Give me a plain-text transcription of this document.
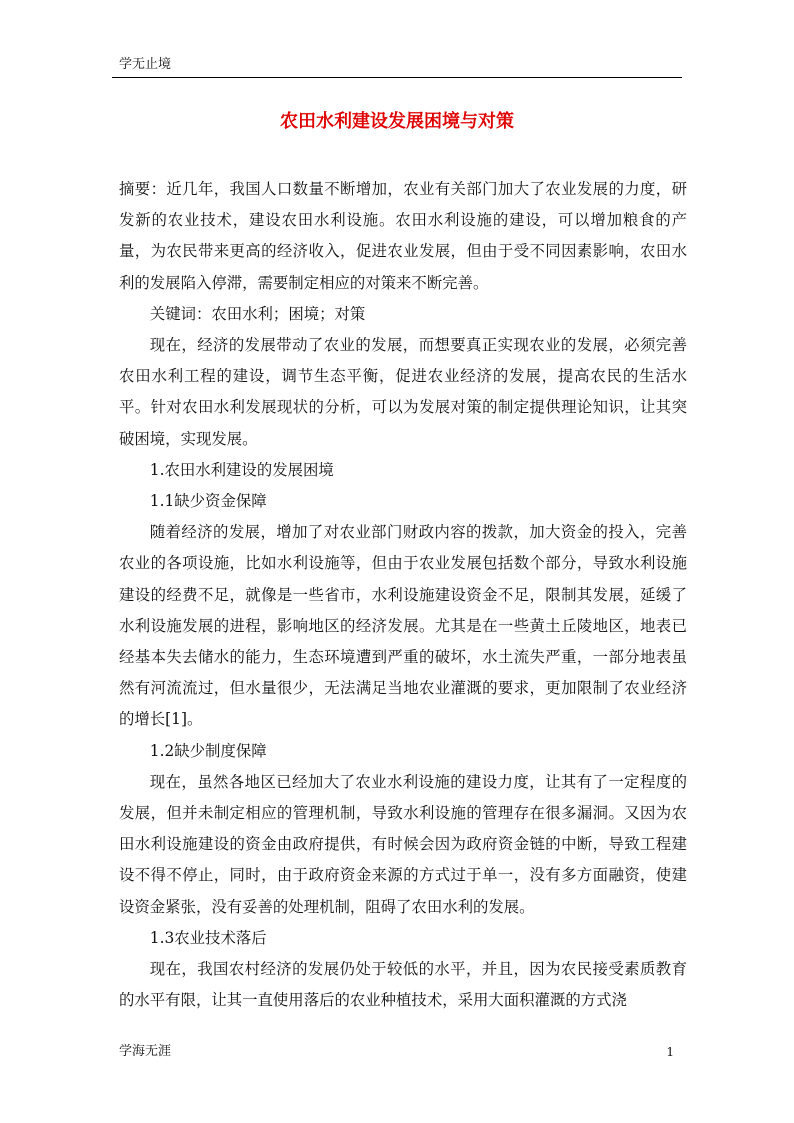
学无止境
农田水利建设发展困境与对策

摘要：近几年，我国人口数量不断增加，农业有关部门加大了农业发展的力度，研发新的农业技术，建设农田水利设施。农田水利设施的建设，可以增加粮食的产量，为农民带来更高的经济收入，促进农业发展，但由于受不同因素影响，农田水利的发展陷入停滞，需要制定相应的对策来不断完善。

关键词：农田水利；困境；对策

现在，经济的发展带动了农业的发展，而想要真正实现农业的发展，必须完善农田水利工程的建设，调节生态平衡，促进农业经济的发展，提高农民的生活水平。针对农田水利发展现状的分析，可以为发展对策的制定提供理论知识，让其突破困境，实现发展。

1.农田水利建设的发展困境

1.1缺少资金保障

随着经济的发展，增加了对农业部门财政内容的拨款，加大资金的投入，完善农业的各项设施，比如水利设施等，但由于农业发展包括数个部分，导致水利设施建设的经费不足，就像是一些省市，水利设施建设资金不足，限制其发展，延缓了水利设施发展的进程，影响地区的经济发展。尤其是在一些黄土丘陵地区，地表已经基本失去储水的能力，生态环境遭到严重的破坏，水土流失严重，一部分地表虽然有河流流过，但水量很少，无法满足当地农业灌溉的要求，更加限制了农业经济的增长[1]。

1.2缺少制度保障

现在，虽然各地区已经加大了农业水利设施的建设力度，让其有了一定程度的发展，但并未制定相应的管理机制，导致水利设施的管理存在很多漏洞。又因为农田水利设施建设的资金由政府提供，有时候会因为政府资金链的中断，导致工程建设不得不停止，同时，由于政府资金来源的方式过于单一，没有多方面融资，使建设资金紧张，没有妥善的处理机制，阻碍了农田水利的发展。

1.3农业技术落后

现在，我国农村经济的发展仍处于较低的水平，并且，因为农民接受素质教育的水平有限，让其一直使用落后的农业种植技术，采用大面积灌溉的方式浇

学海无涯	1
